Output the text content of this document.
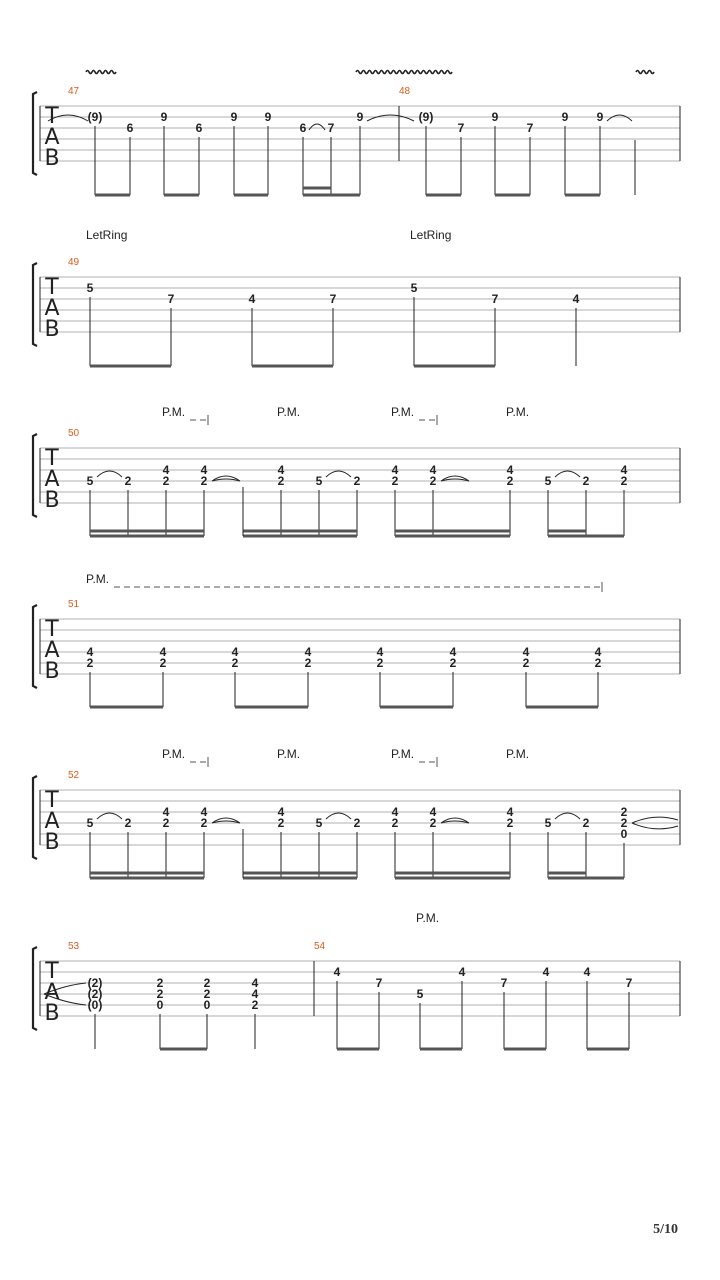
T
A
B
47	48
(9)
6
9
6
9 9
6 7
9	(9)
7
9
7
9 9
T
A
B
49
LetRing	LetRing
5
7	4	7
5
7	4
T
A
B
50
P.M.	P.M.	P.M.	P.M.
5	2
4
2
4
2
4
2	5	2
4
2
4
2
4
2	5	2
4
2
T
A
B
52
P.M.	P.M.	P.M.	P.M.
5	2
4
2
4
2
4
2	5	2
4
2
4
2
4
2	5	2
2
2
0
T
A
B
51
P.M.
4
2
4
2
4
2
4
2
4
2
4
2
4
2
4
2
T
A
B
53	54
P.M.
(2)
(2)
(0)
2
2
0
2
2
0
4
4
2
4
7
5
4
7
4	4
7
5/10
